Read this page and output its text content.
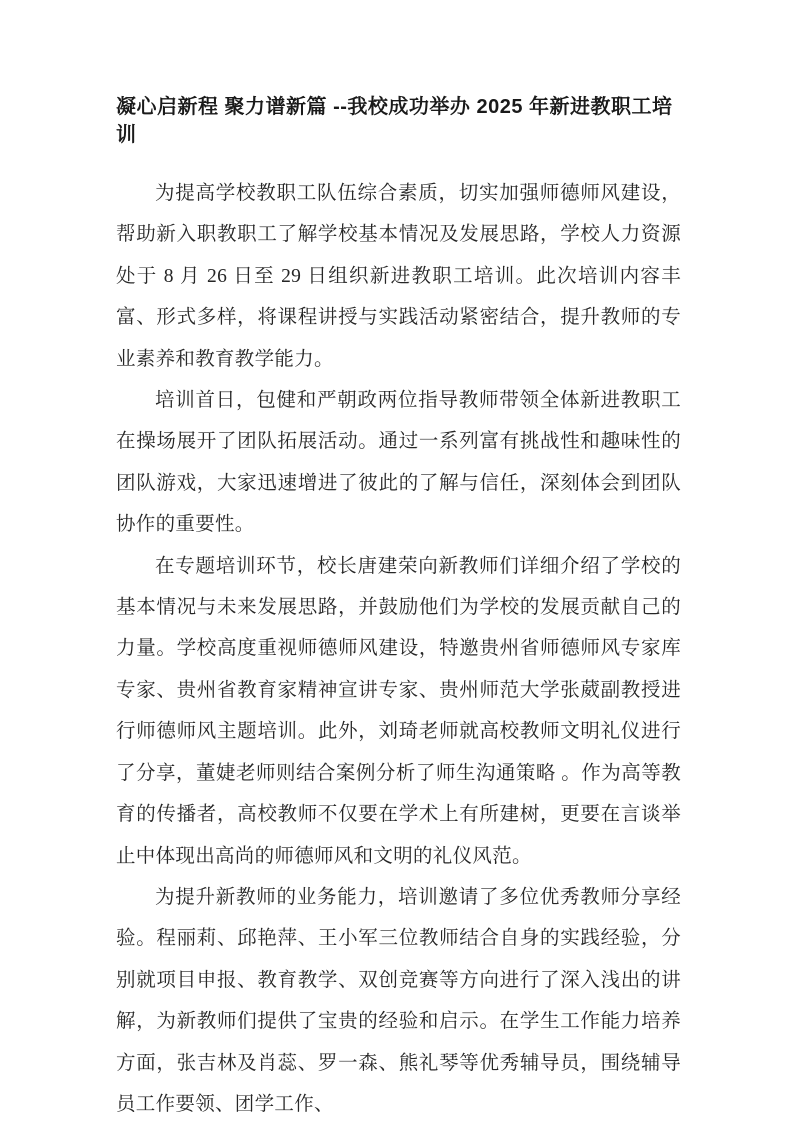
凝心启新程 聚力谱新篇 --我校成功举办 2025 年新进教职工培训

为提高学校教职工队伍综合素质，切实加强师德师风建设，帮助新入职教职工了解学校基本情况及发展思路，学校人力资源处于 8 月 26 日至 29 日组织新进教职工培训。此次培训内容丰富、形式多样，将课程讲授与实践活动紧密结合，提升教师的专业素养和教育教学能力。

培训首日，包健和严朝政两位指导教师带领全体新进教职工在操场展开了团队拓展活动。通过一系列富有挑战性和趣味性的团队游戏，大家迅速增进了彼此的了解与信任，深刻体会到团队协作的重要性。

在专题培训环节，校长唐建荣向新教师们详细介绍了学校的基本情况与未来发展思路，并鼓励他们为学校的发展贡献自己的力量。学校高度重视师德师风建设，特邀贵州省师德师风专家库专家、贵州省教育家精神宣讲专家、贵州师范大学张葳副教授进行师德师风主题培训。此外，刘琦老师就高校教师文明礼仪进行了分享，董婕老师则结合案例分析了师生沟通策略 。作为高等教育的传播者，高校教师不仅要在学术上有所建树，更要在言谈举止中体现出高尚的师德师风和文明的礼仪风范。

为提升新教师的业务能力，培训邀请了多位优秀教师分享经验。程丽莉、邱艳萍、王小军三位教师结合自身的实践经验，分别就项目申报、教育教学、双创竞赛等方向进行了深入浅出的讲解，为新教师们提供了宝贵的经验和启示。在学生工作能力培养方面，张吉林及肖蕊、罗一森、熊礼琴等优秀辅导员，围绕辅导员工作要领、团学工作、
